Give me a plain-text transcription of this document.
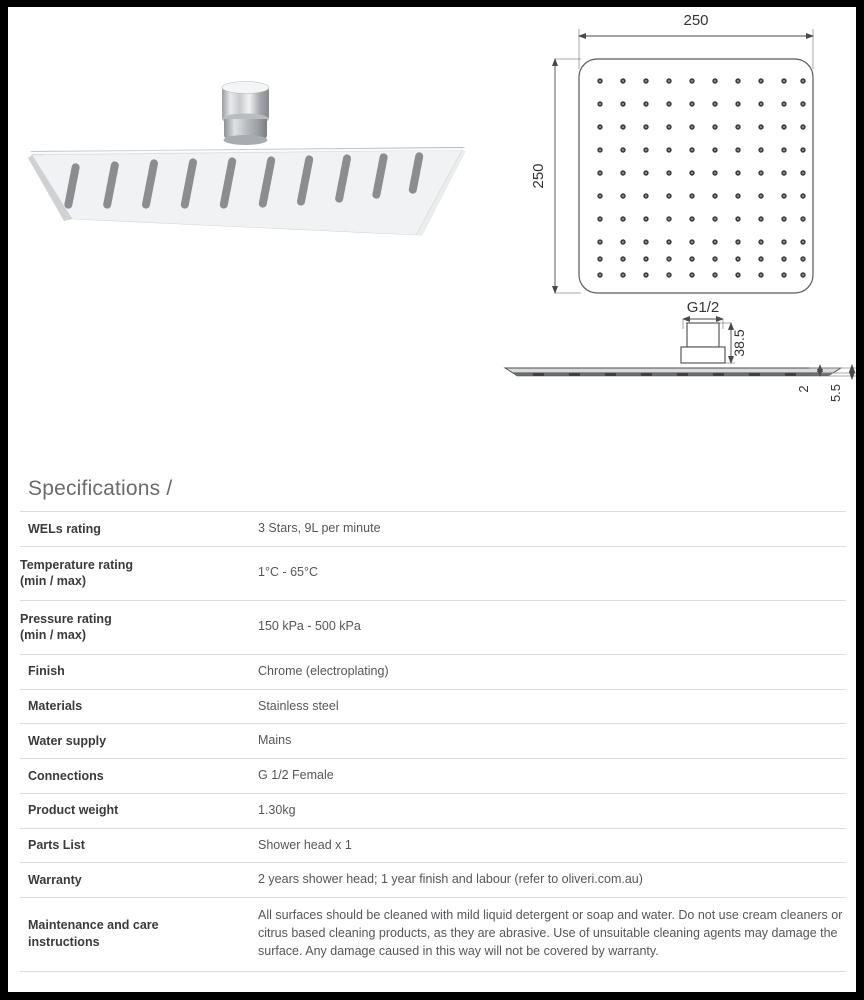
250
250
G1/2
38.5
2 5.5
Specifications /
WELs rating	3 Stars, 9L per minute

Temperature rating
(min / max)	1°C - 65°C

Pressure rating
(min / max)	150 kPa - 500 kPa
Finish	Chrome (electroplating)
Materials	Stainless steel
Water supply	Mains
Connections	G 1/2 Female
Product weight	1.30kg
Parts List	Shower head x 1
Warranty	2 years shower head; 1 year finish and labour (refer to oliveri.com.au)

Maintenance and care
instructions	All surfaces should be cleaned with mild liquid detergent or soap and water. Do not use cream cleaners or citrus based cleaning products, as they are abrasive. Use of unsuitable cleaning agents may damage the surface. Any damage caused in this way will not be covered by warranty.
